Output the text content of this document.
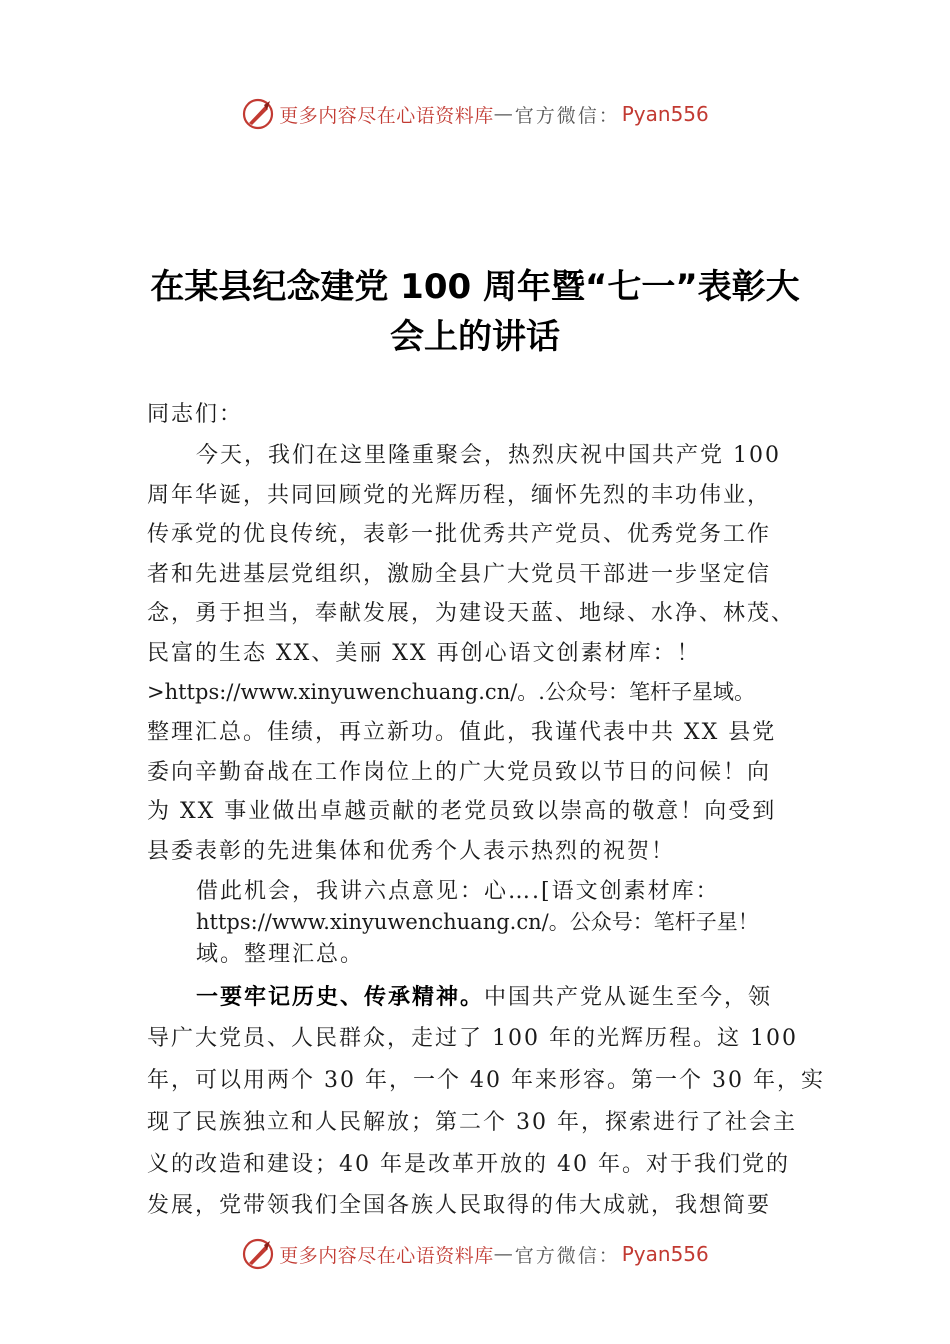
更多内容尽在心语资料库 — 官方微信： Pyan556
在某县纪念建党 100 周年暨“七一”表彰大
会上的讲话
同志们：
今天，我们在这里隆重聚会，热烈庆祝中国共产党 100
周年华诞，共同回顾党的光辉历程，缅怀先烈的丰功伟业，
传承党的优良传统，表彰一批优秀共产党员、优秀党务工作
者和先进基层党组织，激励全县广大党员干部进一步坚定信
念，勇于担当，奉献发展，为建设天蓝、地绿、水净、林茂、
民富的生态 XX、美丽 XX 再创心语文创素材库：！
>https://www.xinyuwenchuang.cn/。.公众号：笔杆子星域。
整理汇总。佳绩，再立新功。值此，我谨代表中共 XX 县党
委向辛勤奋战在工作岗位上的广大党员致以节日的问候！向
为 XX 事业做出卓越贡献的老党员致以崇高的敬意！向受到
县委表彰的先进集体和优秀个人表示热烈的祝贺！
借此机会，我讲六点意见：心….[语文创素材库：
https://www.xinyuwenchuang.cn/。公众号：笔杆子星！
域。整理汇总。
一要牢记历史、传承精神。中国共产党从诞生至今，领
导广大党员、人民群众，走过了 100 年的光辉历程。这 100
年，可以用两个 30 年，一个 40 年来形容。第一个 30 年，实
现了民族独立和人民解放；第二个 30 年，探索进行了社会主
义的改造和建设；40 年是改革开放的 40 年。对于我们党的
发展，党带领我们全国各族人民取得的伟大成就，我想简要
更多内容尽在心语资料库 — 官方微信： Pyan556
